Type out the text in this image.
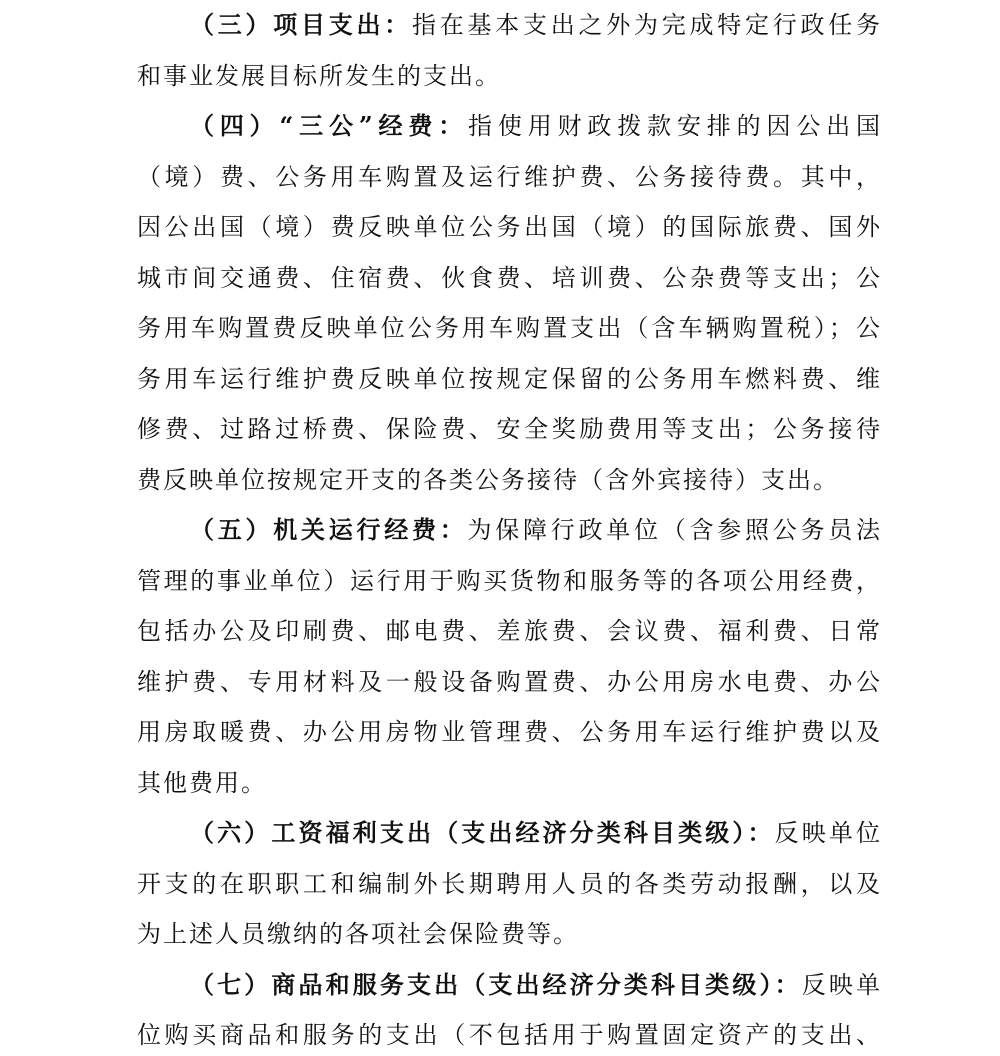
（三）项目支出：指在基本支出之外为完成特定行政任务
和事业发展目标所发生的支出。
（四）“三公”经费：指使用财政拨款安排的因公出国
（境）费、公务用车购置及运行维护费、公务接待费。其中，
因公出国（境）费反映单位公务出国（境）的国际旅费、国外
城市间交通费、住宿费、伙食费、培训费、公杂费等支出；公
务用车购置费反映单位公务用车购置支出（含车辆购置税）；公
务用车运行维护费反映单位按规定保留的公务用车燃料费、维
修费、过路过桥费、保险费、安全奖励费用等支出；公务接待
费反映单位按规定开支的各类公务接待（含外宾接待）支出。
（五）机关运行经费：为保障行政单位（含参照公务员法
管理的事业单位）运行用于购买货物和服务等的各项公用经费，
包括办公及印刷费、邮电费、差旅费、会议费、福利费、日常
维护费、专用材料及一般设备购置费、办公用房水电费、办公
用房取暖费、办公用房物业管理费、公务用车运行维护费以及
其他费用。
（六）工资福利支出（支出经济分类科目类级）：反映单位
开支的在职职工和编制外长期聘用人员的各类劳动报酬，以及
为上述人员缴纳的各项社会保险费等。
（七）商品和服务支出（支出经济分类科目类级）：反映单
位购买商品和服务的支出（不包括用于购置固定资产的支出、
